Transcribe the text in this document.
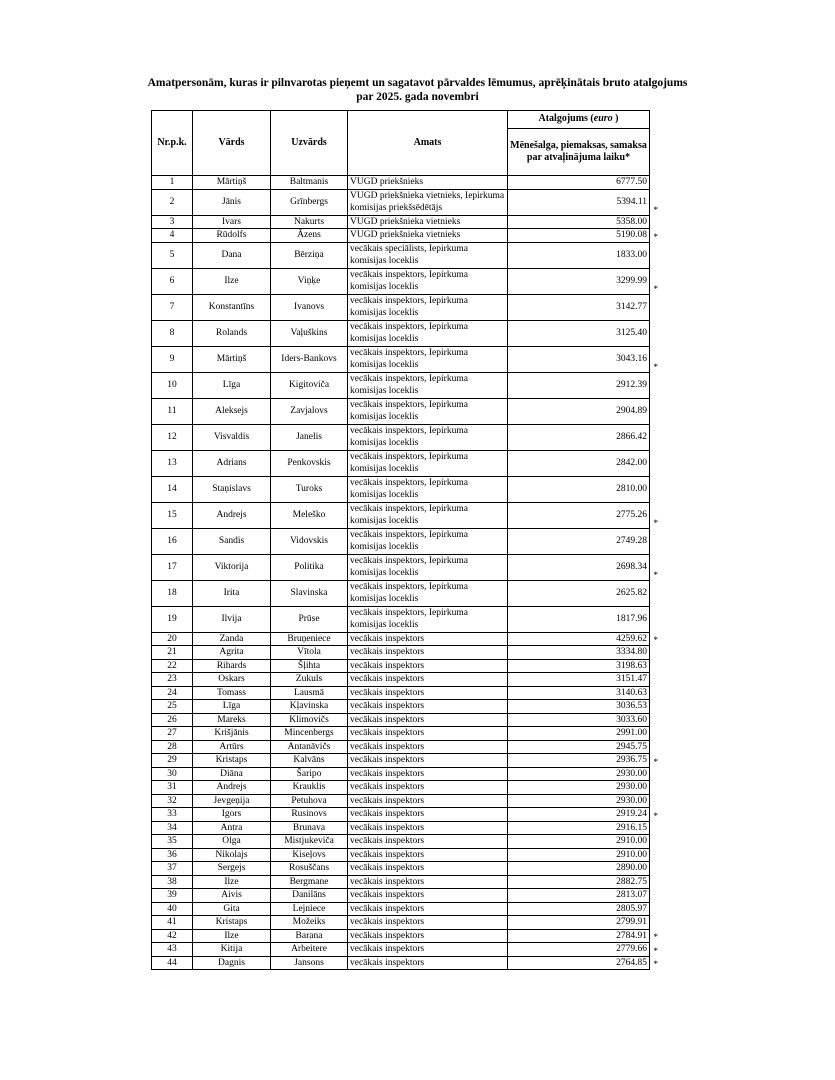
Amatpersonām, kuras ir pilnvarotas pieņemt un sagatavot pārvaldes lēmumus, aprēķinātais bruto atalgojums
par 2025. gada novembri
Nr.p.k.	Vārds	Uzvārds	Amats	Atalgojums (euro )
				Mēnešalga, piemaksas, samaksa par atvaļinājuma laiku*
1	Mārtiņš	Baltmanis	VUGD priekšnieks	6777.50

2	Jānis	Grīnbergs	VUGD priekšnieka vietnieks, Iepirkuma komisijas priekšsēdētājs	5394.11
*

3	Ivars	Nakurts	VUGD priekšnieka vietnieks	5358.00

4	Rūdolfs	Āzens	VUGD priekšnieka vietnieks	5190.08 *

5	Dana	Bērziņa	vecākais speciālists, Iepirkuma komisijas loceklis	1833.00

6	Ilze	Viņķe	vecākais inspektors, Iepirkuma komisijas loceklis	3299.99
*

7	Konstantīns	Ivanovs	vecākais inspektors, Iepirkuma komisijas loceklis	3142.77

8	Rolands	Vaļuškins	vecākais inspektors, Iepirkuma komisijas loceklis	3125.40

9	Mārtiņš	Iders-Bankovs	vecākais inspektors, Iepirkuma komisijas loceklis	3043.16
*

10	Līga	Kigitoviča	vecākais inspektors, Iepirkuma komisijas loceklis	2912.39

11	Aleksejs	Zavjalovs	vecākais inspektors, Iepirkuma komisijas loceklis	2904.89

12	Visvaldis	Janelis	vecākais inspektors, Iepirkuma komisijas loceklis	2866.42

13	Adrians	Penkovskis	vecākais inspektors, Iepirkuma komisijas loceklis	2842.00

14	Staņislavs	Turoks	vecākais inspektors, Iepirkuma komisijas loceklis	2810.00

15	Andrejs	Meleško	vecākais inspektors, Iepirkuma komisijas loceklis	2775.26
*

16	Sandis	Vidovskis	vecākais inspektors, Iepirkuma komisijas loceklis	2749.28

17	Viktorija	Politika	vecākais inspektors, Iepirkuma komisijas loceklis	2698.34
*

18	Irita	Slavinska	vecākais inspektors, Iepirkuma komisijas loceklis	2625.82

19	Ilvija	Prūse	vecākais inspektors, Iepirkuma komisijas loceklis	1817.96

20	Zanda	Bruņeniece	vecākais inspektors	4259.62 *

21	Agrita	Vītola	vecākais inspektors	3334.80

22	Rihards	Šļihta	vecākais inspektors	3198.63

23	Oskars	Zukuls	vecākais inspektors	3151.47

24	Tomass	Lausmā	vecākais inspektors	3140.63

25	Līga	Kļavinska	vecākais inspektors	3036.53

26	Mareks	Klimovičs	vecākais inspektors	3033.60

27	Krišjānis	Mincenbergs	vecākais inspektors	2991.00

28	Artūrs	Antanāvičs	vecākais inspektors	2945.75

29	Kristaps	Kalvāns	vecākais inspektors	2936.75 *

30	Diāna	Šaripo	vecākais inspektors	2930.00

31	Andrejs	Krauklis	vecākais inspektors	2930.00

32	Jevgeņija	Petuhova	vecākais inspektors	2930.00

33	Igors	Rusinovs	vecākais inspektors	2919.24 *

34	Antra	Brunava	vecākais inspektors	2916.15

35	Olga	Mistjukeviča	vecākais inspektors	2910.00

36	Nikolajs	Kiseļovs	vecākais inspektors	2910.00

37	Sergejs	Rosuščans	vecākais inspektors	2890.00

38	Ilze	Bergmane	vecākais inspektors	2882.75

39	Aivis	Danilāns	vecākais inspektors	2813.07

40	Gita	Lejniece	vecākais inspektors	2805.97

41	Kristaps	Možeiks	vecākais inspektors	2799.91

42	Ilze	Barana	vecākais inspektors	2784.91 *

43	Kitija	Arbeitere	vecākais inspektors	2779.66 *

44	Dagnis	Jansons	vecākais inspektors	2764.85 *
